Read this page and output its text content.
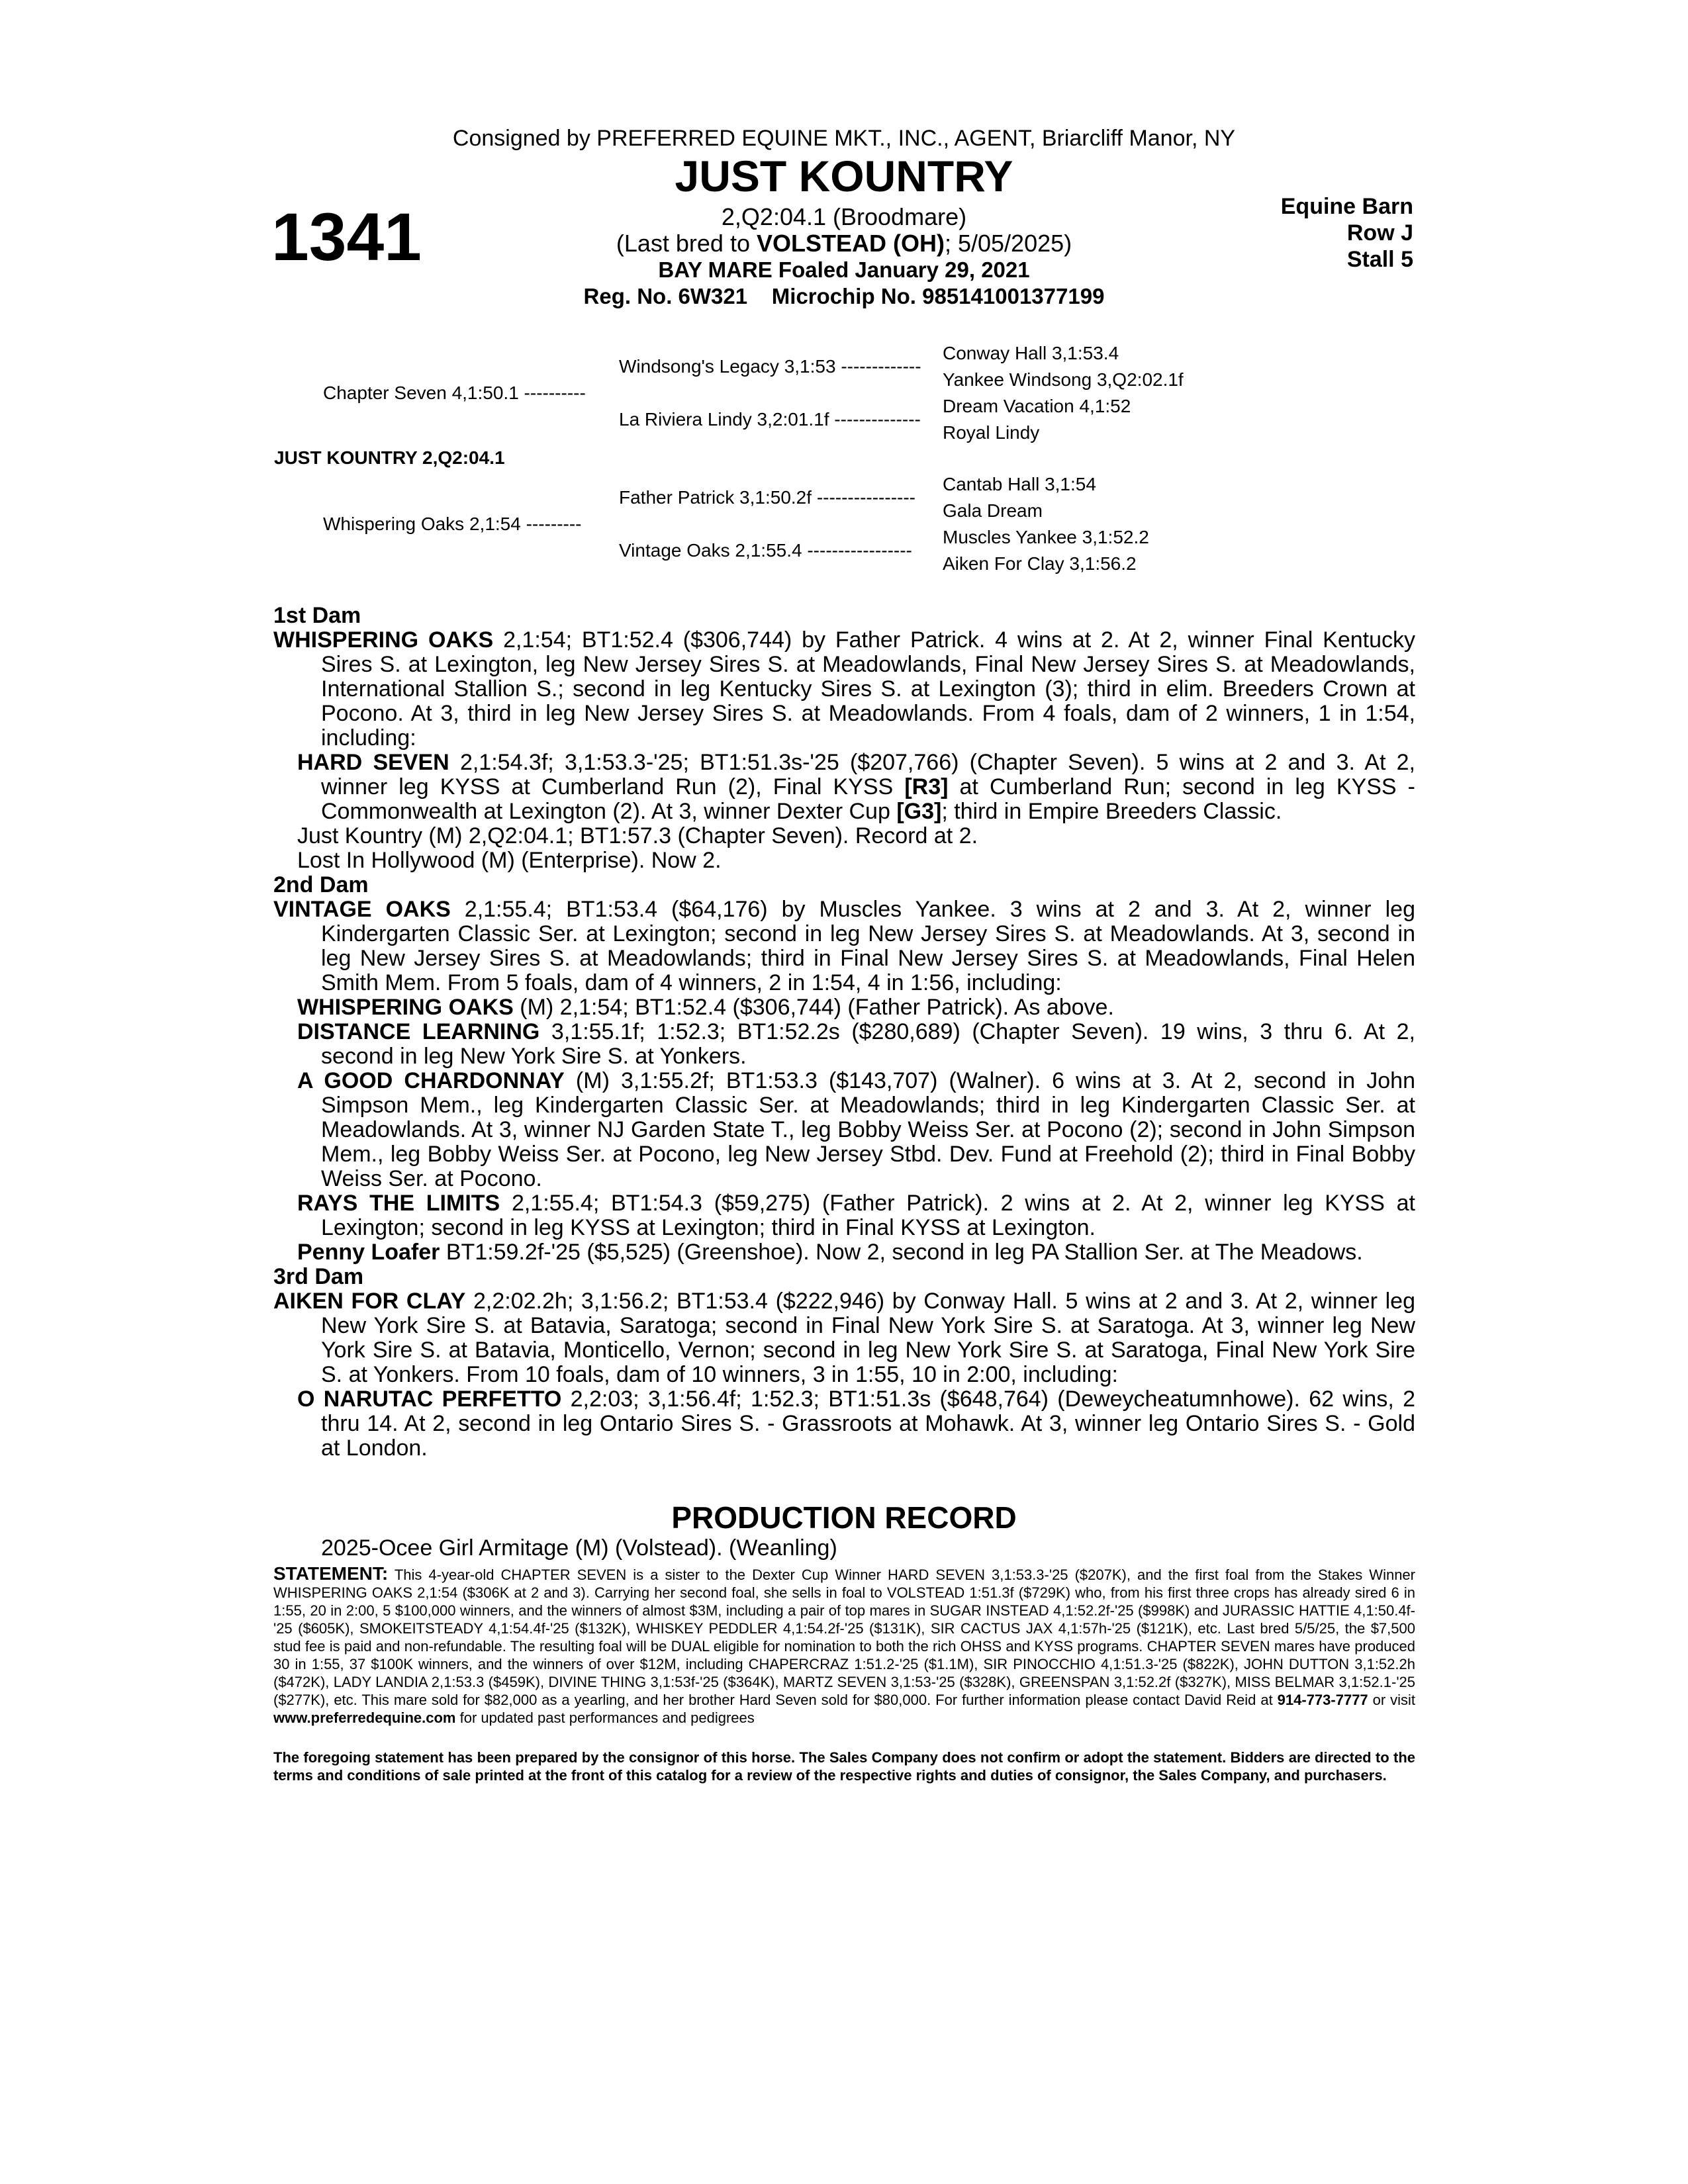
Consigned by PREFERRED EQUINE MKT., INC., AGENT, Briarcliff Manor, NY
JUST KOUNTRY
1341	Equine Barn
Row J
Stall 5
2,Q2:04.1 (Broodmare)
(Last bred to VOLSTEAD (OH); 5/05/2025)
BAY MARE Foaled January 29, 2021
Reg. No. 6W321    Microchip No. 985141001377199
Chapter Seven 4,1:50.1 ----------
JUST KOUNTRY 2,Q2:04.1
Whispering Oaks 2,1:54 ---------
Windsong's Legacy 3,1:53 -------------
La Riviera Lindy 3,2:01.1f --------------
Father Patrick 3,1:50.2f ----------------
Vintage Oaks 2,1:55.4 -----------------
Conway Hall 3,1:53.4
Yankee Windsong 3,Q2:02.1f
Dream Vacation 4,1:52
Royal Lindy
Cantab Hall 3,1:54
Gala Dream
Muscles Yankee 3,1:52.2
Aiken For Clay 3,1:56.2
1st Dam

WHISPERING OAKS 2,1:54; BT1:52.4 ($306,744) by Father Patrick. 4 wins at 2. At 2, winner Final Kentucky Sires S. at Lexington, leg New Jersey Sires S. at Meadowlands, Final New Jersey Sires S. at Meadowlands, International Stallion S.; second in leg Kentucky Sires S. at Lexington (3); third in elim. Breeders Crown at Pocono. At 3, third in leg New Jersey Sires S. at Meadowlands. From 4 foals, dam of 2 winners, 1 in 1:54, including:

HARD SEVEN 2,1:54.3f; 3,1:53.3-'25; BT1:51.3s-'25 ($207,766) (Chapter Seven). 5 wins at 2 and 3. At 2, winner leg KYSS at Cumberland Run (2), Final KYSS [R3] at Cumberland Run; second in leg KYSS - Commonwealth at Lexington (2). At 3, winner Dexter Cup [G3]; third in Empire Breeders Classic.

Just Kountry (M) 2,Q2:04.1; BT1:57.3 (Chapter Seven). Record at 2.

Lost In Hollywood (M) (Enterprise). Now 2.

2nd Dam

VINTAGE OAKS 2,1:55.4; BT1:53.4 ($64,176) by Muscles Yankee. 3 wins at 2 and 3. At 2, winner leg Kindergarten Classic Ser. at Lexington; second in leg New Jersey Sires S. at Meadowlands. At 3, second in leg New Jersey Sires S. at Meadowlands; third in Final New Jersey Sires S. at Meadowlands, Final Helen Smith Mem. From 5 foals, dam of 4 winners, 2 in 1:54, 4 in 1:56, including:

WHISPERING OAKS (M) 2,1:54; BT1:52.4 ($306,744) (Father Patrick). As above.

DISTANCE LEARNING 3,1:55.1f; 1:52.3; BT1:52.2s ($280,689) (Chapter Seven). 19 wins, 3 thru 6. At 2, second in leg New York Sire S. at Yonkers.

A GOOD CHARDONNAY (M) 3,1:55.2f; BT1:53.3 ($143,707) (Walner). 6 wins at 3. At 2, second in John Simpson Mem., leg Kindergarten Classic Ser. at Meadowlands; third in leg Kindergarten Classic Ser. at Meadowlands. At 3, winner NJ Garden State T., leg Bobby Weiss Ser. at Pocono (2); second in John Simpson Mem., leg Bobby Weiss Ser. at Pocono, leg New Jersey Stbd. Dev. Fund at Freehold (2); third in Final Bobby Weiss Ser. at Pocono.

RAYS THE LIMITS 2,1:55.4; BT1:54.3 ($59,275) (Father Patrick). 2 wins at 2. At 2, winner leg KYSS at Lexington; second in leg KYSS at Lexington; third in Final KYSS at Lexington.

Penny Loafer BT1:59.2f-'25 ($5,525) (Greenshoe). Now 2, second in leg PA Stallion Ser. at The Meadows.

3rd Dam

AIKEN FOR CLAY 2,2:02.2h; 3,1:56.2; BT1:53.4 ($222,946) by Conway Hall. 5 wins at 2 and 3. At 2, winner leg New York Sire S. at Batavia, Saratoga; second in Final New York Sire S. at Saratoga. At 3, winner leg New York Sire S. at Batavia, Monticello, Vernon; second in leg New York Sire S. at Saratoga, Final New York Sire S. at Yonkers. From 10 foals, dam of 10 winners, 3 in 1:55, 10 in 2:00, including:

O NARUTAC PERFETTO 2,2:03; 3,1:56.4f; 1:52.3; BT1:51.3s ($648,764) (Deweycheatumnhowe). 62 wins, 2 thru 14. At 2, second in leg Ontario Sires S. - Grassroots at Mohawk. At 3, winner leg Ontario Sires S. - Gold at London.

PRODUCTION RECORD
2025-Ocee Girl Armitage (M) (Volstead). (Weanling)
STATEMENT: This 4-year-old CHAPTER SEVEN is a sister to the Dexter Cup Winner HARD SEVEN 3,1:53.3-'25 ($207K), and the first foal from the Stakes Winner WHISPERING OAKS 2,1:54 ($306K at 2 and 3). Carrying her second foal, she sells in foal to VOLSTEAD 1:51.3f ($729K) who, from his first three crops has already sired 6 in 1:55, 20 in 2:00, 5 $100,000 winners, and the winners of almost $3M, including a pair of top mares in SUGAR INSTEAD 4,1:52.2f-'25 ($998K) and JURASSIC HATTIE 4,1:50.4f-'25 ($605K), SMOKEITSTEADY 4,1:54.4f-'25 ($132K), WHISKEY PEDDLER 4,1:54.2f-'25 ($131K), SIR CACTUS JAX 4,1:57h-'25 ($121K), etc. Last bred 5/5/25, the $7,500 stud fee is paid and non-refundable. The resulting foal will be DUAL eligible for nomination to both the rich OHSS and KYSS programs. CHAPTER SEVEN mares have produced 30 in 1:55, 37 $100K winners, and the winners of over $12M, including CHAPERCRAZ 1:51.2-'25 ($1.1M), SIR PINOCCHIO 4,1:51.3-'25 ($822K), JOHN DUTTON 3,1:52.2h ($472K), LADY LANDIA 2,1:53.3 ($459K), DIVINE THING 3,1:53f-'25 ($364K), MARTZ SEVEN 3,1:53-'25 ($328K), GREENSPAN 3,1:52.2f ($327K), MISS BELMAR 3,1:52.1-'25 ($277K), etc. This mare sold for $82,000 as a yearling, and her brother Hard Seven sold for $80,000. For further information please contact David Reid at 914-773-7777 or visit www.preferredequine.com for updated past performances and pedigrees
The foregoing statement has been prepared by the consignor of this horse. The Sales Company does not confirm or adopt the statement. Bidders are directed to the terms and conditions of sale printed at the front of this catalog for a review of the respective rights and duties of consignor, the Sales Company, and purchasers.
